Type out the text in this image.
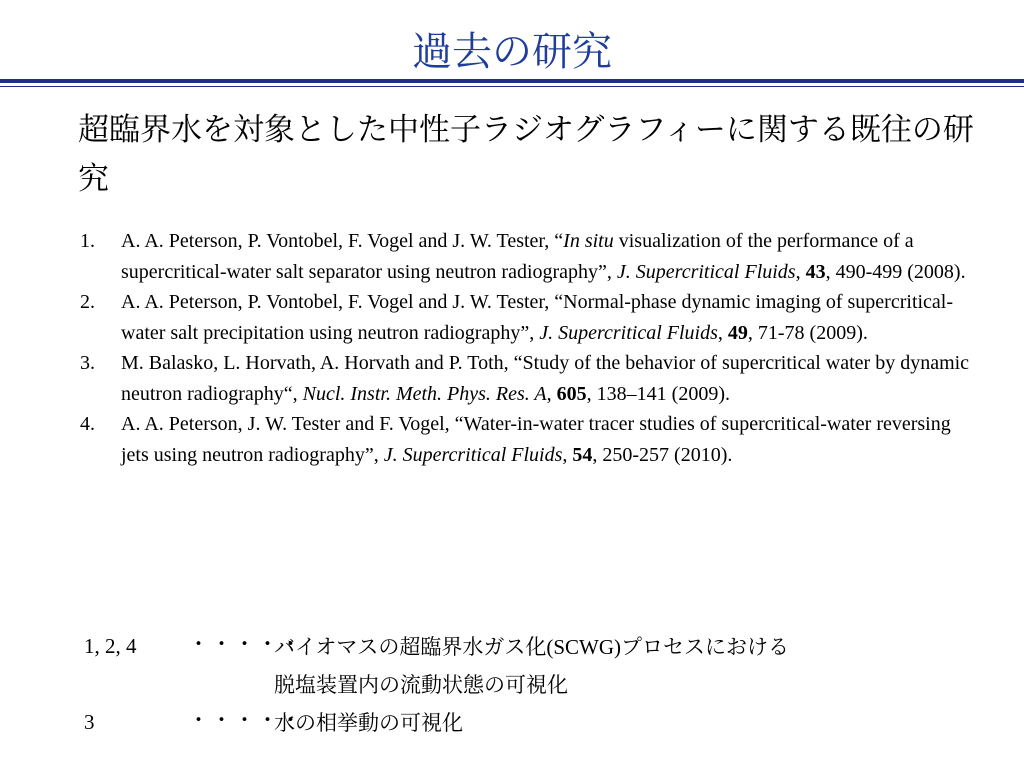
過去の研究
超臨界水を対象とした中性子ラジオグラフィーに関する既往の研究
1. A. A. Peterson, P. Vontobel, F. Vogel and J. W. Tester, “In situ visualization of the performance of a supercritical-water salt separator using neutron radiography”, J. Supercritical Fluids, 43, 490-499 (2008).
2. A. A. Peterson, P. Vontobel, F. Vogel and J. W. Tester, “Normal-phase dynamic imaging of supercritical-water salt precipitation using neutron radiography”, J. Supercritical Fluids, 49, 71-78 (2009).
3. M. Balasko, L. Horvath, A. Horvath and P. Toth, “Study of the behavior of supercritical water by dynamic neutron radiography“, Nucl. Instr. Meth. Phys. Res. A, 605, 138–141 (2009).
4. A. A. Peterson, J. W. Tester and F. Vogel, “Water-in-water tracer studies of supercritical-water reversing jets using neutron radiography”, J. Supercritical Fluids, 54, 250-257 (2010).
1, 2, 4 ・・・・・
バイオマスの超臨界水ガス化(SCWG)プロセスにおける
脱塩装置内の流動状態の可視化
3	・・・・・
水の相挙動の可視化
